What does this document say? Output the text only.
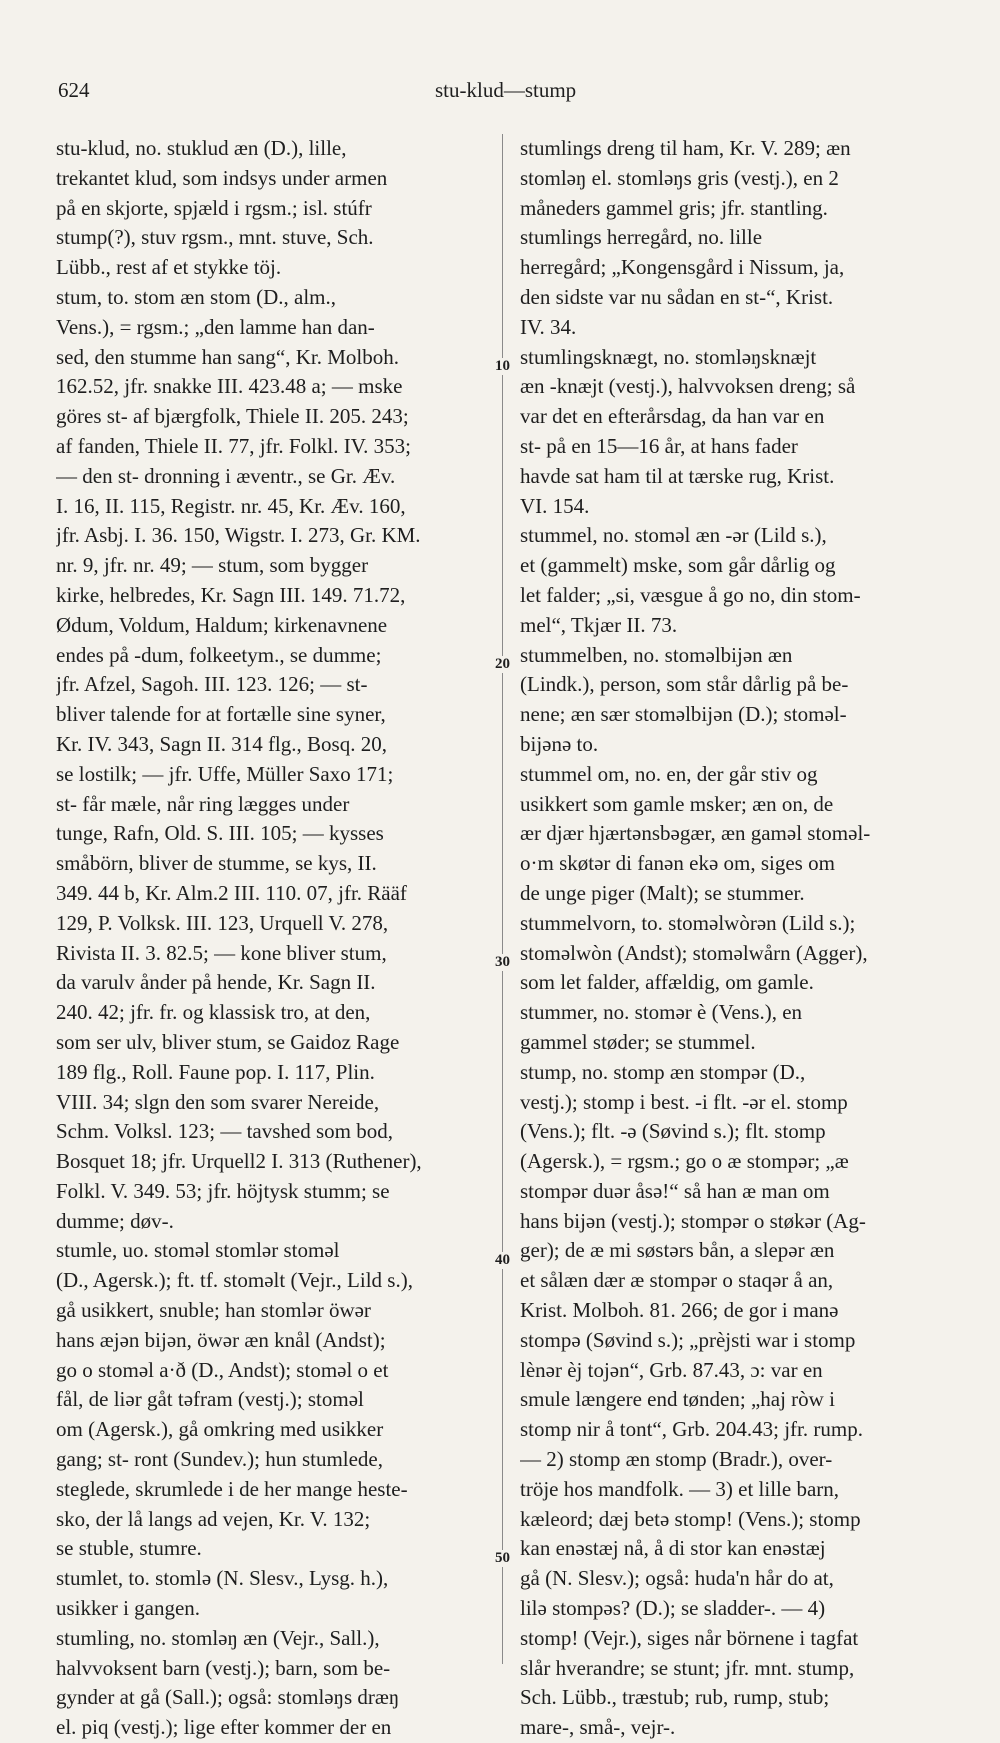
624	stu-klud—stump
stu-klud, no. stuklud æn (D.), lille,
trekantet klud, som indsys under armen
på en skjorte, spjæld i rgsm.; isl. stúfr
stump(?), stuv rgsm., mnt. stuve, Sch.
Lübb., rest af et stykke töj.
stum, to. stom æn stom (D., alm.,
Vens.), = rgsm.; „den lamme han dan-
sed, den stumme han sang“, Kr. Molboh.
162.52, jfr. snakke III. 423.48 a; — mske
göres st- af bjærgfolk, Thiele II. 205. 243;
af fanden, Thiele II. 77, jfr. Folkl. IV. 353;
— den st- dronning i æventr., se Gr. Æv.
I. 16, II. 115, Registr. nr. 45, Kr. Æv. 160,
jfr. Asbj. I. 36. 150, Wigstr. I. 273, Gr. KM.
nr. 9, jfr. nr. 49; — stum, som bygger
kirke, helbredes, Kr. Sagn III. 149. 71.72,
Ødum, Voldum, Haldum; kirkenavnene
endes på -dum, folkeetym., se dumme;
jfr. Afzel, Sagoh. III. 123. 126; — st-
bliver talende for at fortælle sine syner,
Kr. IV. 343, Sagn II. 314 flg., Bosq. 20,
se lostilk; — jfr. Uffe, Müller Saxo 171;
st- får mæle, når ring lægges under
tunge, Rafn, Old. S. III. 105; — kysses
småbörn, bliver de stumme, se kys, II.
349. 44 b, Kr. Alm.2 III. 110. 07, jfr. Rääf
129, P. Volksk. III. 123, Urquell V. 278,
Rivista II. 3. 82.5; — kone bliver stum,
da varulv ånder på hende, Kr. Sagn II.
240. 42; jfr. fr. og klassisk tro, at den,
som ser ulv, bliver stum, se Gaidoz Rage
189 flg., Roll. Faune pop. I. 117, Plin.
VIII. 34; slgn den som svarer Nereide,
Schm. Volksl. 123; — tavshed som bod,
Bosquet 18; jfr. Urquell2 I. 313 (Ruthener),
Folkl. V. 349. 53; jfr. höjtysk stumm; se
dumme; døv-.
stumle, uo. stomǝl stomlǝr stomǝl
(D., Agersk.); ft. tf. stomǝlt (Vejr., Lild s.),
gå usikkert, snuble; han stomlǝr öwǝr
hans æjǝn bijǝn, öwǝr æn knål (Andst);
go o stomǝl a·ð (D., Andst); stomǝl o et
fål, de liǝr gåt tǝfram (vestj.); stomǝl
om (Agersk.), gå omkring med usikker
gang; st- ront (Sundev.); hun stumlede,
steglede, skrumlede i de her mange heste-
sko, der lå langs ad vejen, Kr. V. 132;
se stuble, stumre.
stumlet, to. stomlǝ (N. Slesv., Lysg. h.),
usikker i gangen.
stumling, no. stomlǝŋ æn (Vejr., Sall.),
halvvoksent barn (vestj.); barn, som be-
gynder at gå (Sall.); også: stomlǝŋs dræŋ
el. piq (vestj.); lige efter kommer der en
stumlings dreng til ham, Kr. V. 289; æn
stomlǝŋ el. stomlǝŋs gris (vestj.), en 2
måneders gammel gris; jfr. stantling.
stumlings herregård, no. lille
herregård; „Kongensgård i Nissum, ja,
den sidste var nu sådan en st-“, Krist.
IV. 34.
stumlingsknægt, no. stomlǝŋsknæjt
æn -knæjt (vestj.), halvvoksen dreng; så
var det en efterårsdag, da han var en
st- på en 15—16 år, at hans fader
havde sat ham til at tærske rug, Krist.
VI. 154.
stummel, no. stomǝl æn -ǝr (Lild s.),
et (gammelt) mske, som går dårlig og
let falder; „si, væsgue å go no, din stom-
mel“, Tkjær II. 73.
stummelben, no. stomǝlbijǝn æn
(Lindk.), person, som står dårlig på be-
nene; æn sær stomǝlbijǝn (D.); stomǝl-
bijǝnǝ to.
stummel om, no. en, der går stiv og
usikkert som gamle msker; æn on, de
ær djær hjærtǝnsbǝgær, æn gamǝl stomǝl-
o·m skøtǝr di fanǝn ekǝ om, siges om
de unge piger (Malt); se stummer.
stummelvorn, to. stomǝlwòrǝn (Lild s.);
stomǝlwòn (Andst); stomǝlwårn (Agger),
som let falder, affældig, om gamle.
stummer, no. stomǝr è (Vens.), en
gammel støder; se stummel.
stump, no. stomp æn stompǝr (D.,
vestj.); stomp i best. -i flt. -ǝr el. stomp
(Vens.); flt. -ǝ (Søvind s.); flt. stomp
(Agersk.), = rgsm.; go o æ stompǝr; „æ
stompǝr duǝr åsǝ!“ så han æ man om
hans bijǝn (vestj.); stompǝr o støkǝr (Ag-
ger); de æ mi søstǝrs bån, a slepǝr æn
et sålæn dær æ stompǝr o staqǝr å an,
Krist. Molboh. 81. 266; de gor i manǝ
stompǝ (Søvind s.); „prèjsti war i stomp
lènǝr èj tojǝn“, Grb. 87.43, ɔ: var en
smule længere end tønden; „haj ròw i
stomp nir å tont“, Grb. 204.43; jfr. rump.
— 2) stomp æn stomp (Bradr.), over-
tröje hos mandfolk. — 3) et lille barn,
kæleord; dæj betǝ stomp! (Vens.); stomp
kan enǝstæj nå, å di stor kan enǝstæj
gå (N. Slesv.); også: huda'n hår do at,
lilǝ stompǝs? (D.); se sladder-. — 4)
stomp! (Vejr.), siges når börnene i tagfat
slår hverandre; se stunt; jfr. mnt. stump,
Sch. Lübb., træstub; rub, rump, stub;
mare-, små-, vejr-.
10
20
30
40
50
